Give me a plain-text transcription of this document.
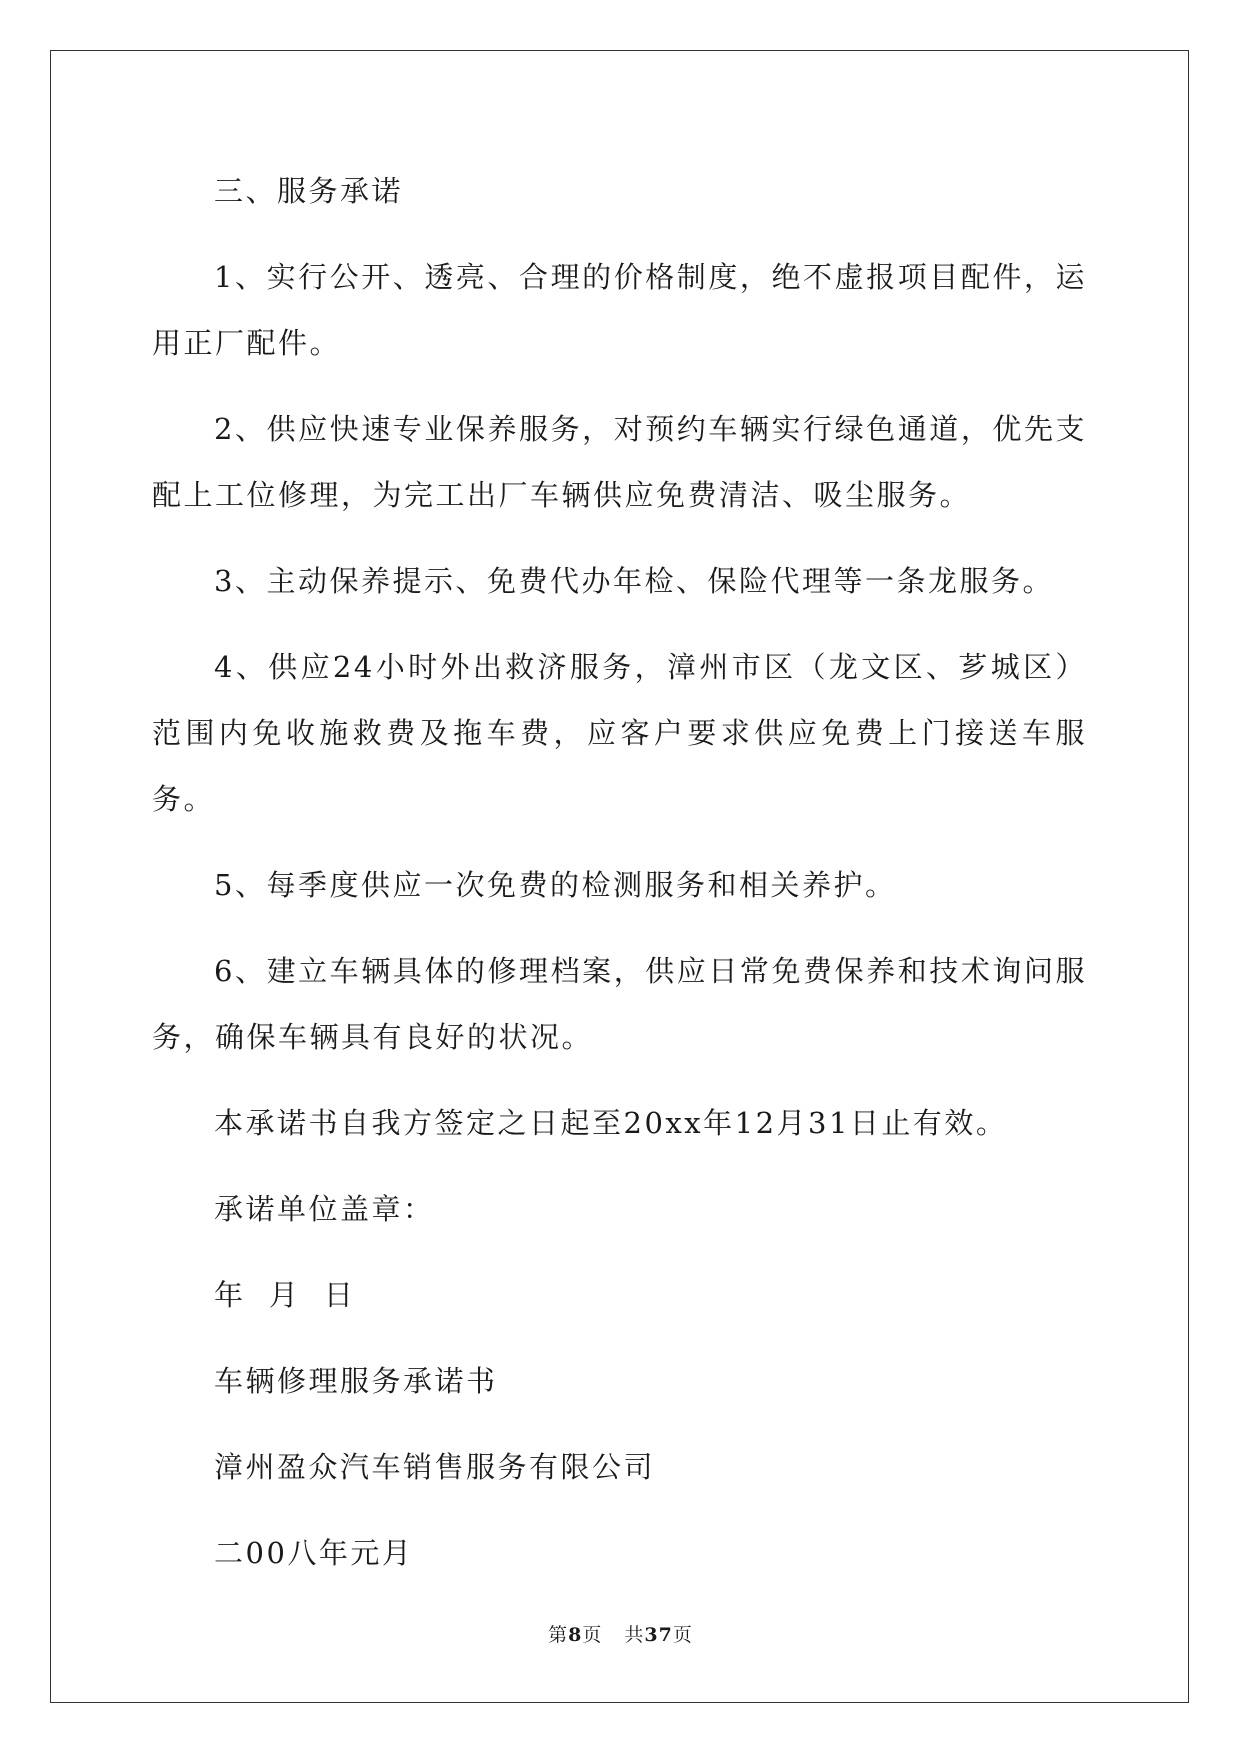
三、服务承诺

1、实行公开、透亮、合理的价格制度，绝不虚报项目配件，运用正厂配件。

2、供应快速专业保养服务，对预约车辆实行绿色通道，优先支配上工位修理，为完工出厂车辆供应免费清洁、吸尘服务。

3、主动保养提示、免费代办年检、保险代理等一条龙服务。

4、供应24小时外出救济服务，漳州市区（龙文区、芗城区）范围内免收施救费及拖车费，应客户要求供应免费上门接送车服务。

5、每季度供应一次免费的检测服务和相关养护。

6、建立车辆具体的修理档案，供应日常免费保养和技术询问服务，确保车辆具有良好的状况。

本承诺书自我方签定之日起至20xx年12月31日止有效。

承诺单位盖章：

年  月  日

车辆修理服务承诺书

漳州盈众汽车销售服务有限公司

二00八年元月

第8页 共37页
